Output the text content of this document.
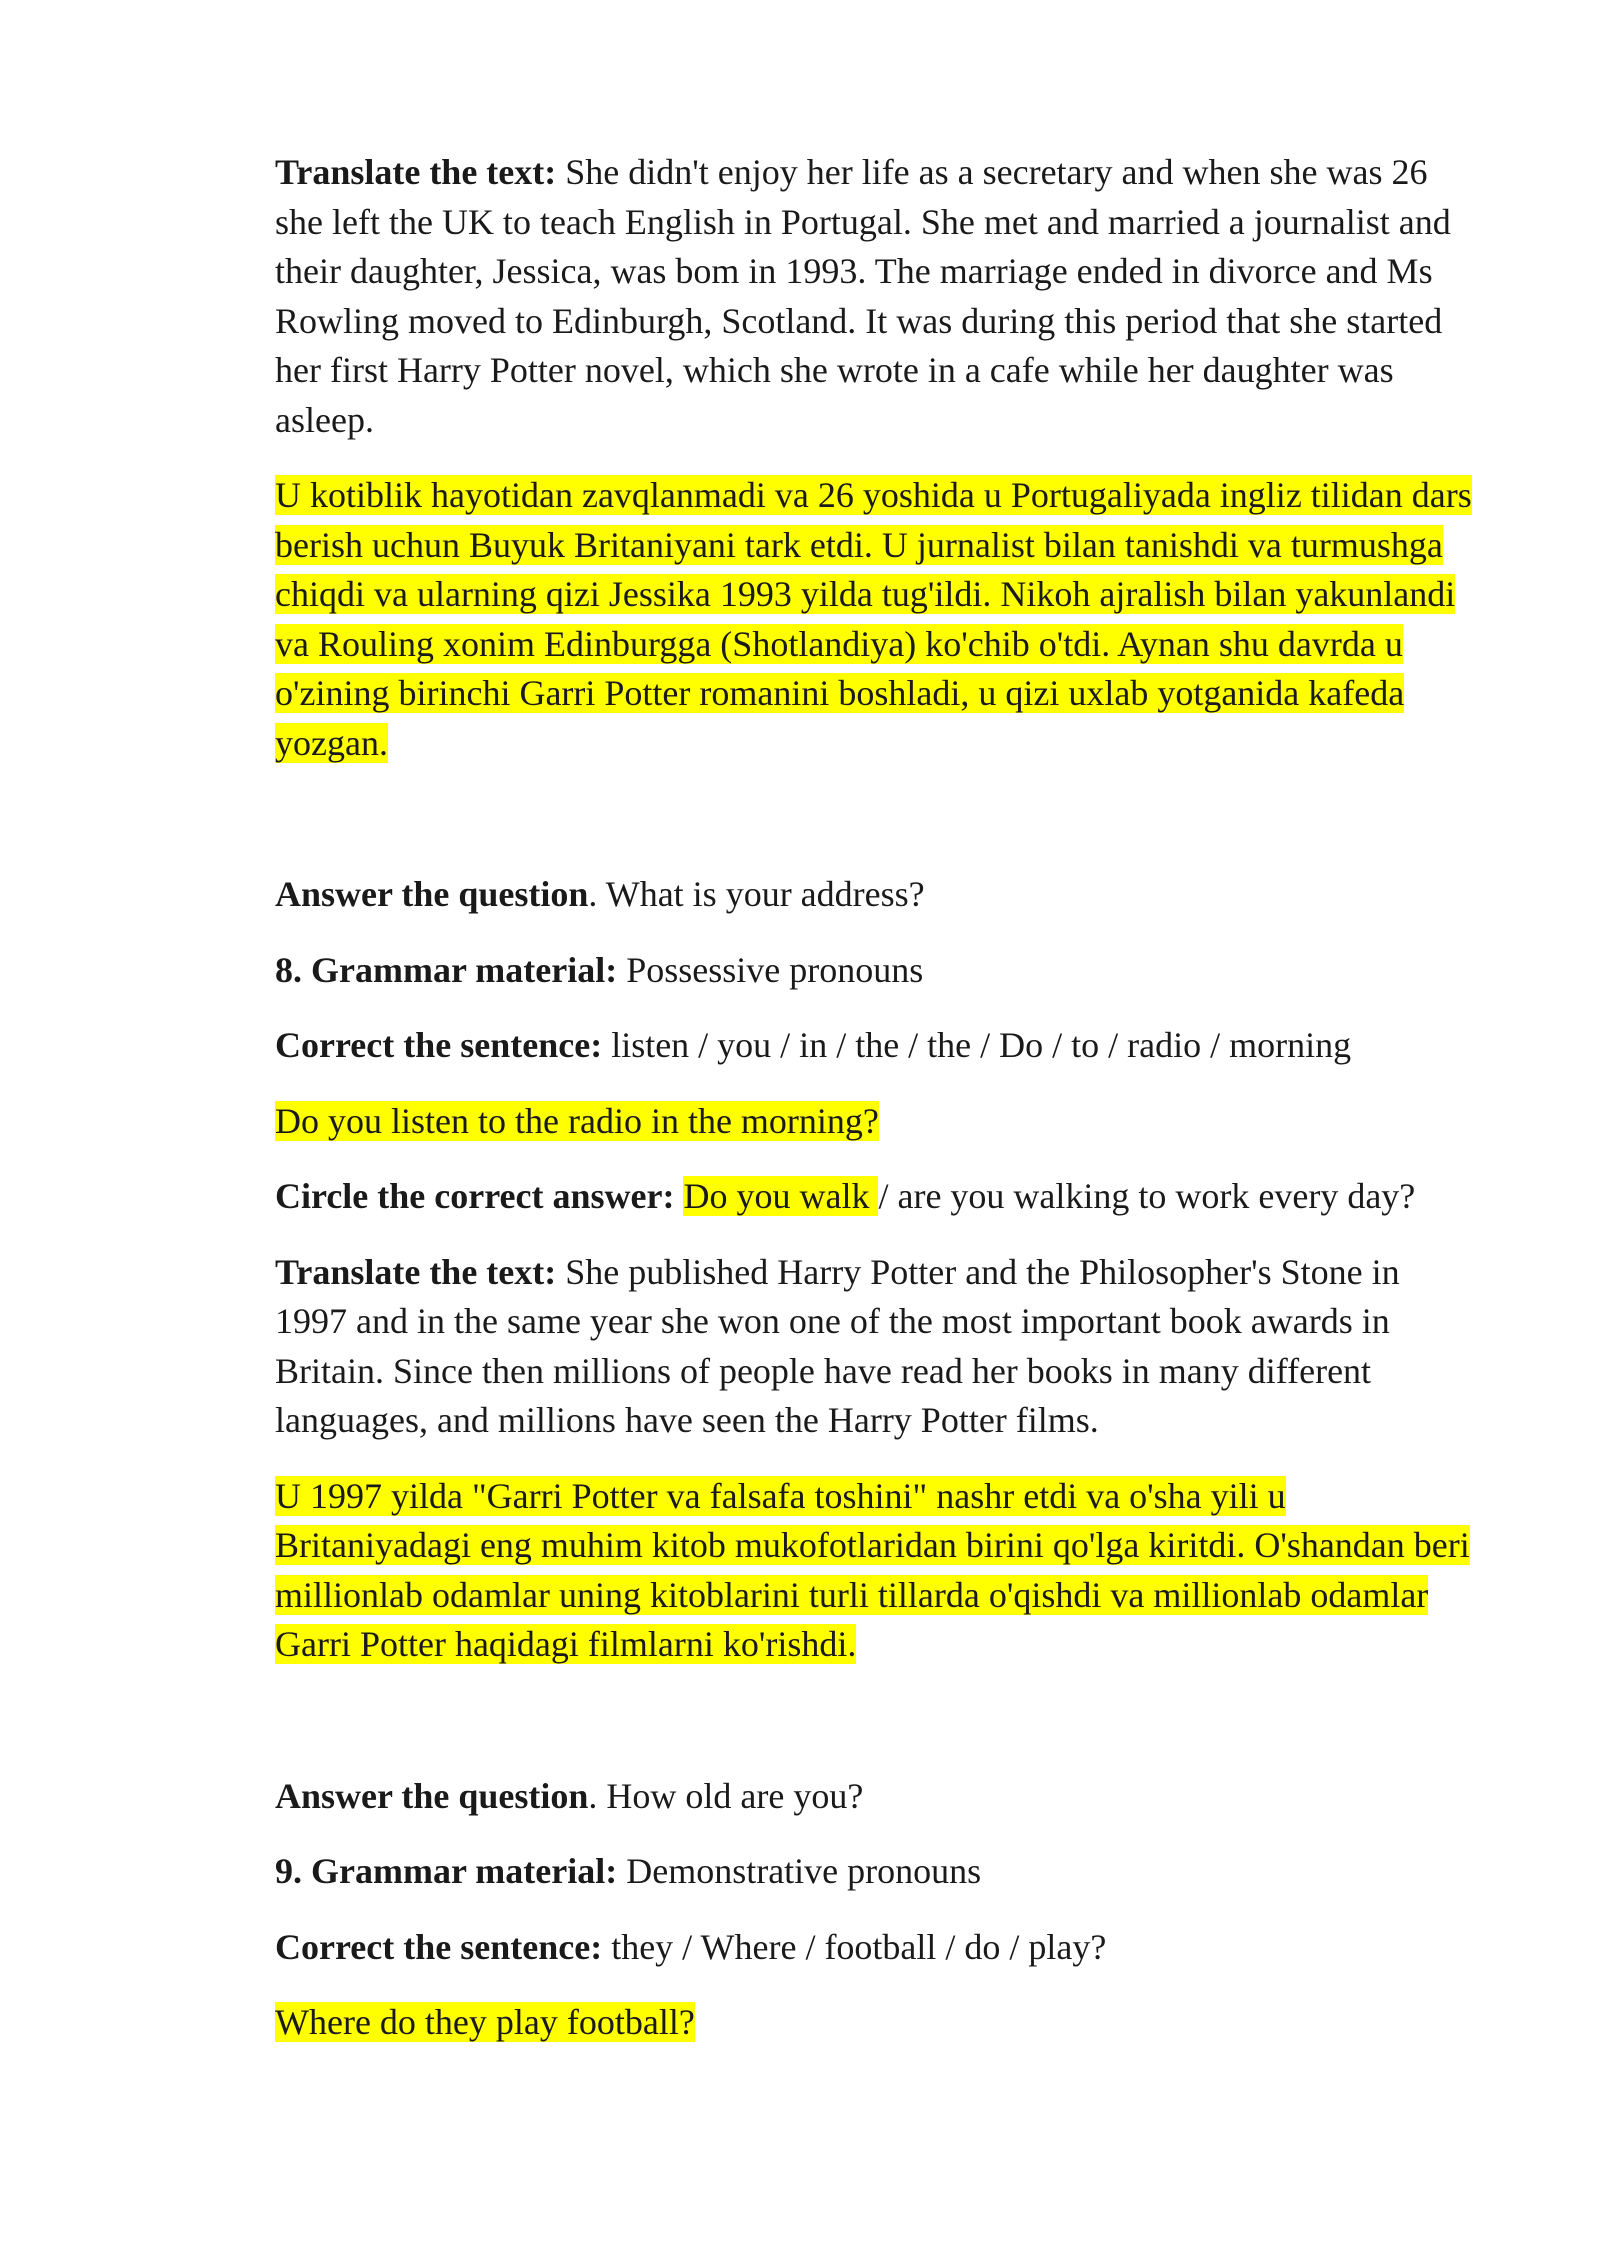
Translate the text: She didn't enjoy her life as a secretary and when she was 26 she left the UK to teach English in Portugal. She met and married a journalist and their daughter, Jessica, was bom in 1993. The marriage ended in divorce and Ms Rowling moved to Edinburgh, Scotland. It was during this period that she started her first Harry Potter novel, which she wrote in a cafe while her daughter was asleep.

U kotiblik hayotidan zavqlanmadi va 26 yoshida u Portugaliyada ingliz tilidan dars berish uchun Buyuk Britaniyani tark etdi. U jurnalist bilan tanishdi va turmushga chiqdi va ularning qizi Jessika 1993 yilda tug'ildi. Nikoh ajralish bilan yakunlandi va Rouling xonim Edinburgga (Shotlandiya) ko'chib o'tdi. Aynan shu davrda u o'zining birinchi Garri Potter romanini boshladi, u qizi uxlab yotganida kafeda yozgan.

Answer the question. What is your address?

8. Grammar material: Possessive pronouns

Correct the sentence: listen / you / in / the / the / Do / to / radio / morning

Do you listen to the radio in the morning?

Circle the correct answer: Do you walk / are you walking to work every day?

Translate the text: She published Harry Potter and the Philosopher's Stone in 1997 and in the same year she won one of the most important book awards in Britain. Since then millions of people have read her books in many different languages, and millions have seen the Harry Potter films.

U 1997 yilda "Garri Potter va falsafa toshini" nashr etdi va o'sha yili u Britaniyadagi eng muhim kitob mukofotlaridan birini qo'lga kiritdi. O'shandan beri millionlab odamlar uning kitoblarini turli tillarda o'qishdi va millionlab odamlar Garri Potter haqidagi filmlarni ko'rishdi.

Answer the question. How old are you?

9. Grammar material: Demonstrative pronouns

Correct the sentence: they / Where / football / do / play?

Where do they play football?
